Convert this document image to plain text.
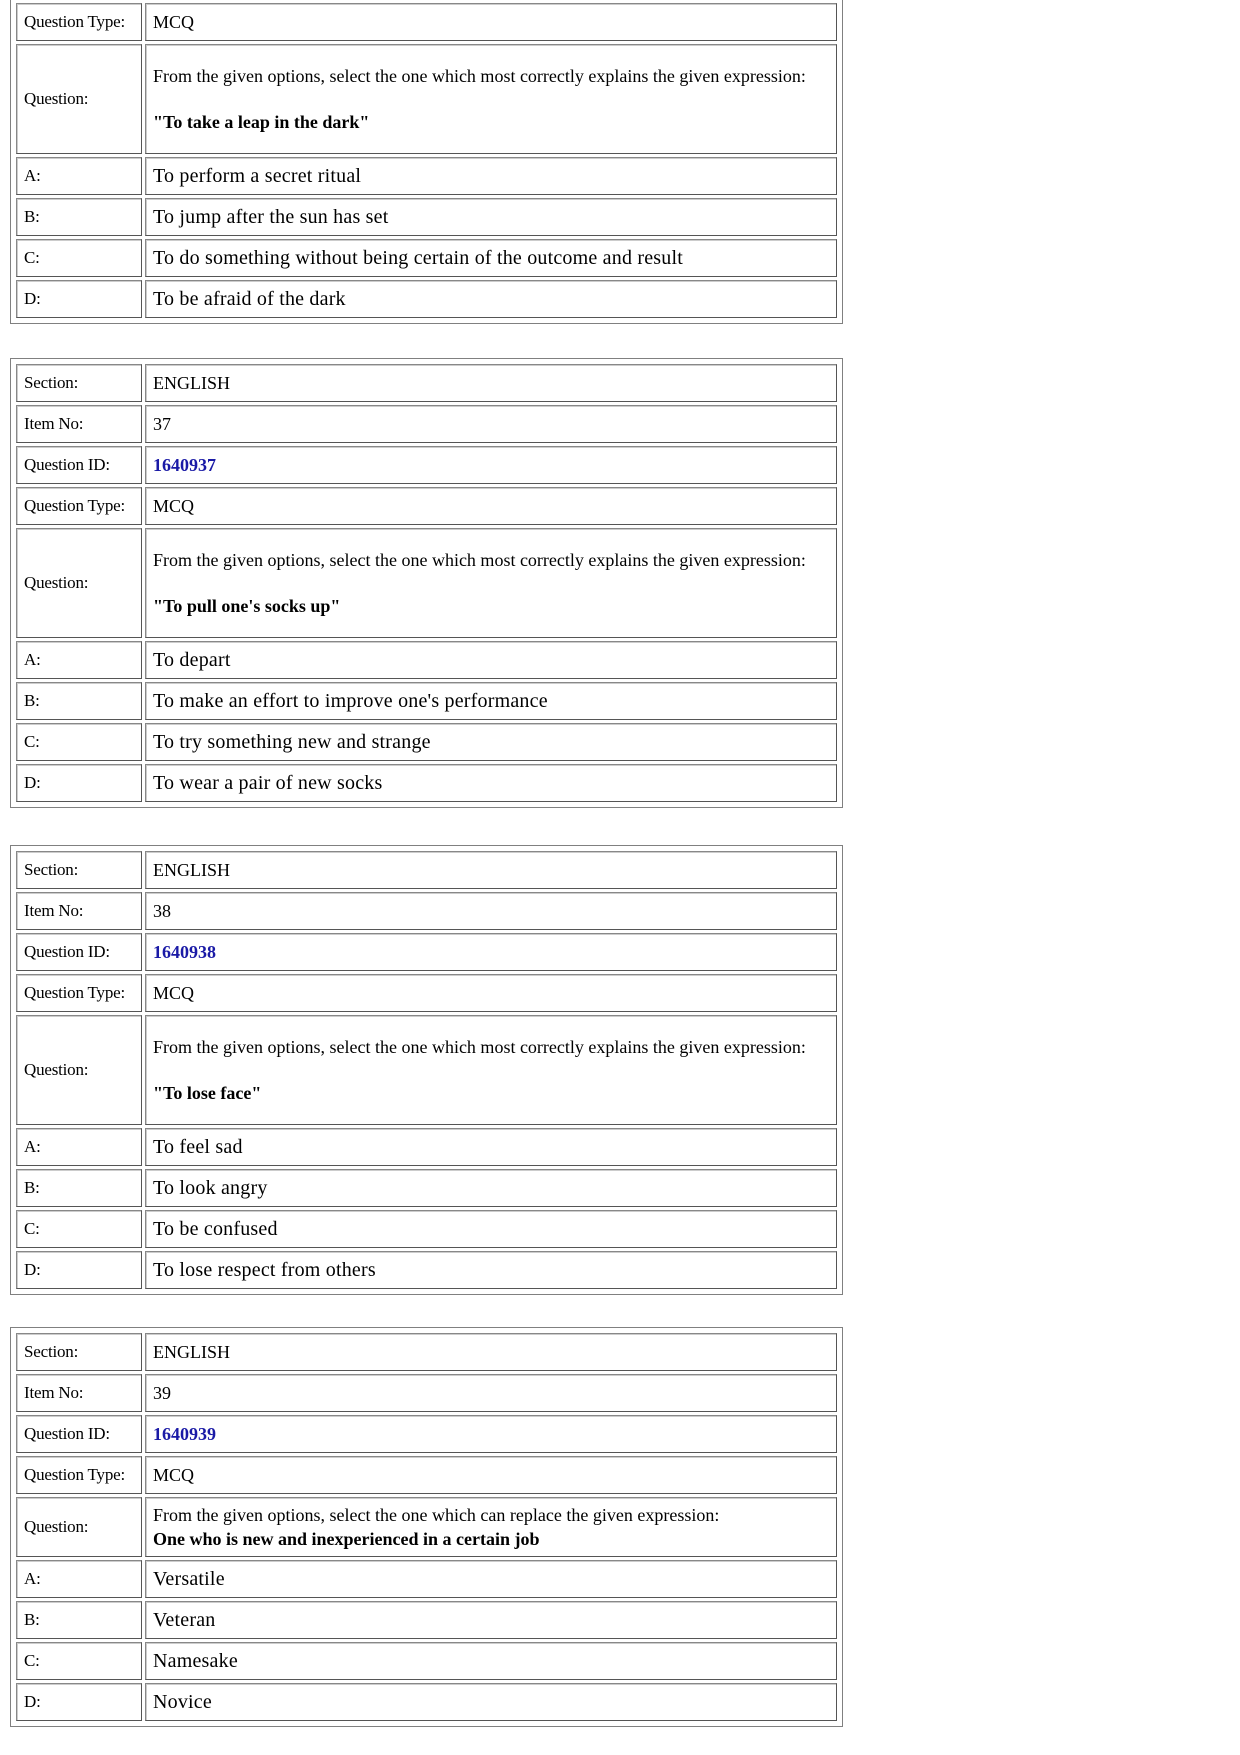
Question Type:	MCQ
Question:	From the given options, select the one which most correctly explains the given expression:
"To take a leap in the dark"

A:	To perform a secret ritual
B:	To jump after the sun has set
C:	To do something without being certain of the outcome and result
D:	To be afraid of the dark
Section:	ENGLISH
Item No:	37
Question ID:	1640937
Question Type:	MCQ
Question:	From the given options, select the one which most correctly explains the given expression:
"To pull one's socks up"

A:	To depart
B:	To make an effort to improve one's performance
C:	To try something new and strange
D:	To wear a pair of new socks
Section:	ENGLISH
Item No:	38
Question ID:	1640938
Question Type:	MCQ
Question:	From the given options, select the one which most correctly explains the given expression:
"To lose face"

A:	To feel sad
B:	To look angry
C:	To be confused
D:	To lose respect from others
Section:	ENGLISH
Item No:	39
Question ID:	1640939
Question Type:	MCQ
Question:	From the given options, select the one which can replace the given expression:
One who is new and inexperienced in a certain job

A:	Versatile
B:	Veteran
C:	Namesake
D:	Novice
